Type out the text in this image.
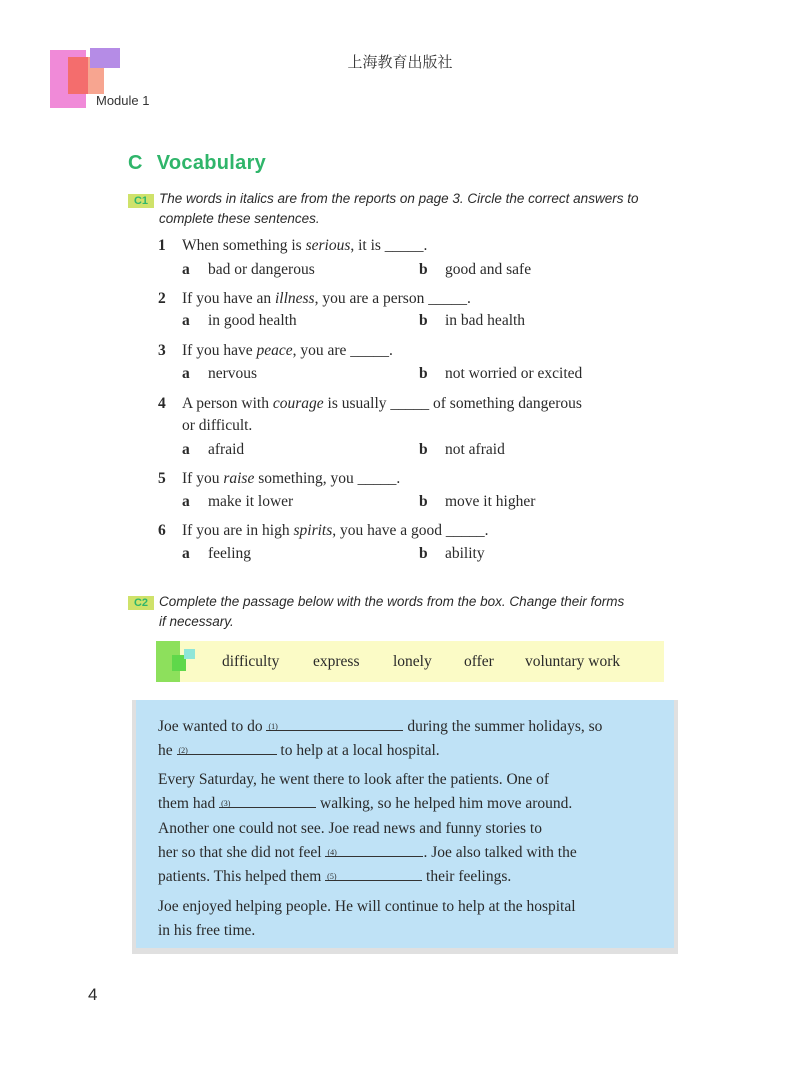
上海教育出版社
Module 1
C Vocabulary
C1 The words in italics are from the reports on page 3. Circle the correct answers to
complete these sentences.
1 When something is serious, it is _____.
a bad or dangerous	b good and safe
2 If you have an illness, you are a person _____.
a in good health	b in bad health
3 If you have peace, you are _____.
a nervous	b not worried or excited
4 A person with courage is usually _____ of something dangerous
or difficult.
a afraid	b not afraid
5 If you raise something, you _____.
a make it lower	b move it higher
6 If you are in high spirits, you have a good _____.
a feeling	b ability
C2 Complete the passage below with the words from the box. Change their forms
if necessary.
difficulty express lonely offer voluntary work
Joe wanted to do $^{(1)}$	during the summer holidays, so
he $^{(2)}$	to help at a local hospital.
Every Saturday, he went there to look after the patients. One of
them had $^{(3)}$	walking, so he helped him move around.
Another one could not see. Joe read news and funny stories to
her so that she did not feel $^{(4)}$	. Joe also talked with the
patients. This helped them $^{(5)}$	their feelings.
Joe enjoyed helping people. He will continue to help at the hospital
in his free time.
4
